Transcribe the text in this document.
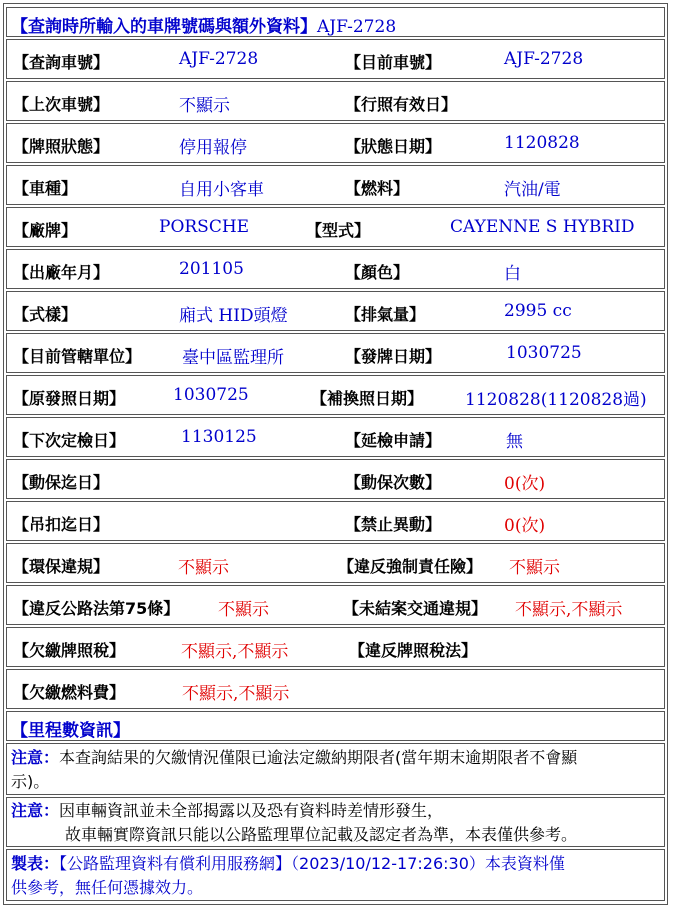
【查詢時所輸入的車牌號碼與額外資料】AJF-2728
【查詢車號】	AJF-2728	【目前車號】	AJF-2728
【上次車號】	不顯示	【行照有效日】
【牌照狀態】	停用報停	【狀態日期】	1120828
【車種】	自用小客車	【燃料】	汽油/電
【廠牌】	PORSCHE	【型式】	CAYENNE S HYBRID
【出廠年月】	201105	【顏色】	白
【式樣】	廂式 HID頭燈	【排氣量】	2995 cc
【目前管轄單位】 臺中區監理所	【發牌日期】	1030725
【原發照日期】	1030725	【補換照日期】 1120828(1120828過)
【下次定檢日】	1130125	【延檢申請】	無
【動保迄日】	【動保次數】	0(次)
【吊扣迄日】	【禁止異動】	0(次)
【環保違規】	不顯示	【違反強制責任險】 不顯示
【違反公路法第75條】 不顯示	【未結案交通違規】 不顯示,不顯示
【欠繳牌照稅】	不顯示,不顯示	【違反牌照稅法】
【欠繳燃料費】	不顯示,不顯示
【里程數資訊】
注意：本查詢結果的欠繳情況僅限已逾法定繳納期限者(當年期末逾期限者不會顯
示)。
注意：因車輛資訊並未全部揭露以及恐有資料時差情形發生，
故車輛實際資訊只能以公路監理單位記載及認定者為準，本表僅供參考。
製表：【公路監理資料有償利用服務網】（2023/10/12-17:26:30）本表資料僅
供參考，無任何憑據效力。
